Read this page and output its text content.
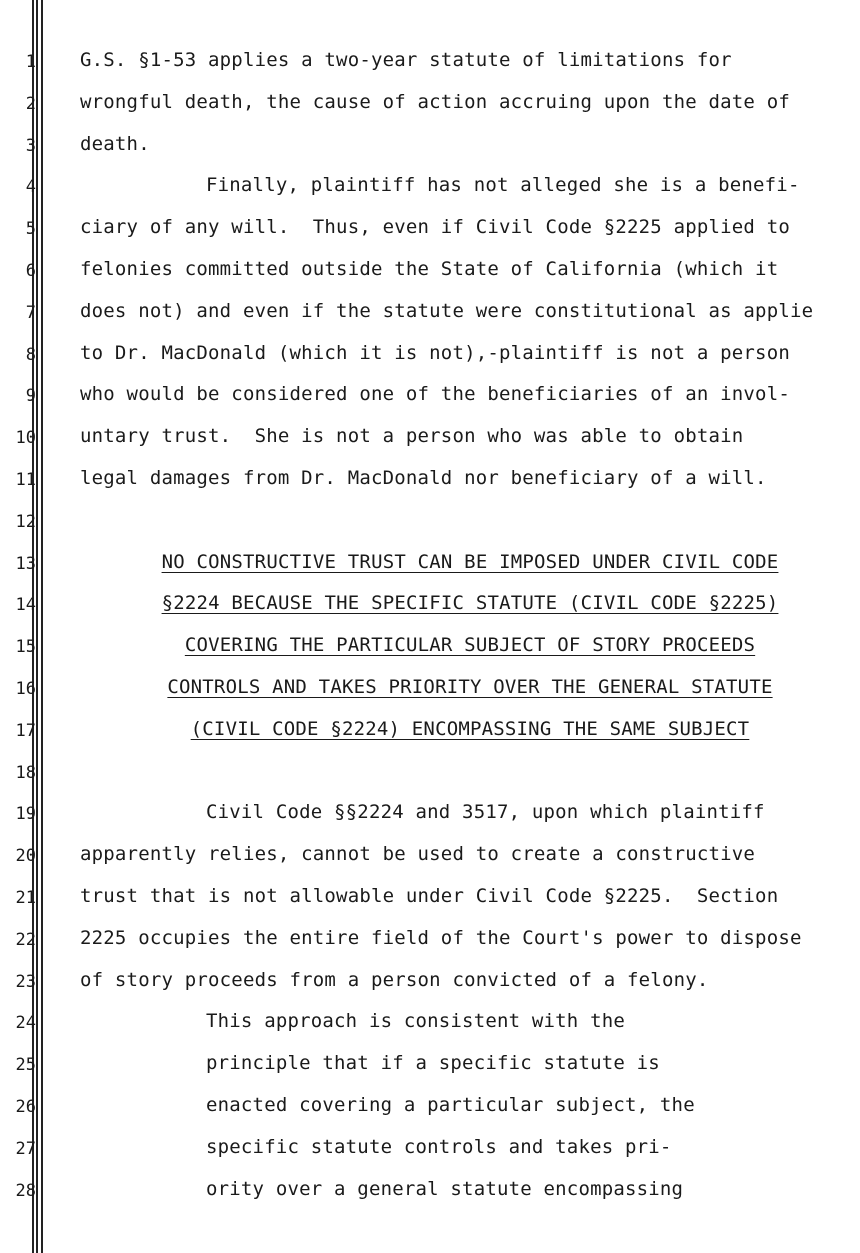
1 G.S. §1-53 applies a two-year statute of limitations for
2 wrongful death, the cause of action accruing upon the date of
3 death.
4	Finally, plaintiff has not alleged she is a benefi-
5 ciary of any will.  Thus, even if Civil Code §2225 applied to
6 felonies committed outside the State of California (which it
7 does not) and even if the statute were constitutional as applie
8 to Dr. MacDonald (which it is not),-plaintiff is not a person
9 who would be considered one of the beneficiaries of an invol-
10 untary trust.  She is not a person who was able to obtain
11 legal damages from Dr. MacDonald nor beneficiary of a will.
12
13	NO CONSTRUCTIVE TRUST CAN BE IMPOSED UNDER CIVIL CODE
14	§2224 BECAUSE THE SPECIFIC STATUTE (CIVIL CODE §2225)
15	COVERING THE PARTICULAR SUBJECT OF STORY PROCEEDS
16	CONTROLS AND TAKES PRIORITY OVER THE GENERAL STATUTE
17	(CIVIL CODE §2224) ENCOMPASSING THE SAME SUBJECT
18
19	Civil Code §§2224 and 3517, upon which plaintiff
20 apparently relies, cannot be used to create a constructive
21 trust that is not allowable under Civil Code §2225.  Section
22 2225 occupies the entire field of the Court's power to dispose
23 of story proceeds from a person convicted of a felony.
24	This approach is consistent with the
25	principle that if a specific statute is
26	enacted covering a particular subject, the
27	specific statute controls and takes pri-
28	ority over a general statute encompassing
